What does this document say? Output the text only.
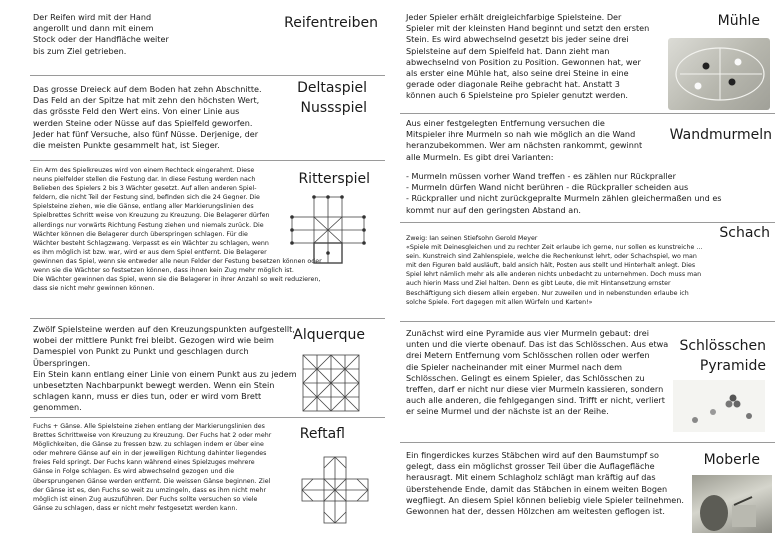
Der Reifen wird mit der Hand
angerollt und dann mit einem
Stock oder der Handfläche weiter
bis zum Ziel getrieben.
Reifentreiben
Das grosse Dreieck auf dem Boden hat zehn Abschnitte.
Das Feld an der Spitze hat mit zehn den höchsten Wert,
das grösste Feld den Wert eins. Von einer Linie aus
werden Steine oder Nüsse auf das Spielfeld geworfen.
Jeder hat fünf Versuche, also fünf Nüsse. Derjenige, der
die meisten Punkte gesammelt hat, ist Sieger.
Deltaspiel
Nussspiel
Ein Arm des Spielkreuzes wird von einem Rechteck eingerahmt. Diese
neuns pielfelder stellen die Festung dar. In diese Festung werden nach
Belieben des Spielers 2 bis 3 Wächter gesetzt. Auf allen anderen Spiel-
feldern, die nicht Teil der Festung sind, befinden sich die 24 Gegner. Die
Spielsteine ziehen, wie die Gänse, entlang aller Markierungslinien des
Spielbrettes Schritt weise von Kreuzung zu Kreuzung. Die Belagerer dürfen
allerdings nur vorwärts Richtung Festung ziehen und niemals zurück. Die
Wächter können die Belagerer durch überspringen schlagen. Für die
Wächter besteht Schlagzwang. Verpasst es ein Wächter zu schlagen, wenn
es ihm möglich ist bzw. war, wird er aus dem Spiel entfernt. Die Belagerer
gewinnen das Spiel, wenn sie entweder alle neun Felder der Festung besetzen können oder
wenn sie die Wächter so festsetzen können, dass ihnen kein Zug mehr möglich ist.
Die Wächter gewinnen das Spiel, wenn sie die Belagerer in ihrer Anzahl so weit reduzieren,
dass sie nicht mehr gewinnen können.
Ritterspiel
Zwölf Spielsteine werden auf den Kreuzungspunkten aufgestellt,
wobei der mittlere Punkt frei bleibt. Gezogen wird wie beim
Damespiel von Punkt zu Punkt und geschlagen durch Überspringen.
Ein Stein kann entlang einer Linie von einem Punkt aus zu jedem
unbesetzten Nachbarpunkt bewegt werden. Wenn ein Stein
schlagen kann, muss er dies tun, oder er wird vom Brett
genommen.
Alquerque
Fuchs + Gänse. Alle Spielsteine ziehen entlang der Markierungslinien des
Brettes Schrittweise von Kreuzung zu Kreuzung. Der Fuchs hat 2 oder mehr
Möglichkeiten, die Gänse zu fressen bzw. zu schlagen indem er über eine
oder mehrere Gänse auf ein in der jeweiligen Richtung dahinter liegendes
freies Feld springt. Der Fuchs kann während eines Spielzuges mehrere
Gänse in Folge schlagen. Es wird abwechselnd gezogen und die
übersprungenen Gänse werden entfernt. Die weissen Gänse beginnen. Ziel
der Gänse ist es, den Fuchs so weit zu umzingeln, dass es ihm nicht mehr
möglich ist einen Zug auszuführen. Der Fuchs sollte versuchen so viele
Gänse zu schlagen, dass er nicht mehr festgesetzt werden kann.
Reftafl
Jeder Spieler erhält dreigleichfarbige Spielsteine. Der
Spieler mit der kleinsten Hand beginnt und setzt den ersten
Stein. Es wird abwechselnd gesetzt bis jeder seine drei
Spielsteine auf dem Spielfeld hat. Dann zieht man
abwechselnd von Position zu Position. Gewonnen hat, wer
als erster eine Mühle hat, also seine drei Steine in eine
gerade oder diagonale Reihe gebracht hat. Anstatt 3
können auch 6 Spielsteine pro Spieler genutzt werden.
Mühle
Aus einer festgelegten Entfernung versuchen die
Mitspieler ihre Murmeln so nah wie möglich an die Wand
heranzubekommen. Wer am nächsten rankommt, gewinnt
alle Murmeln. Es gibt drei Varianten:
Wandmurmeln
- Murmeln müssen vorher Wand treffen - es zählen nur Rückpraller
- Murmeln dürfen Wand nicht berühren - die Rückpraller scheiden aus
- Rückpraller und nicht zurückgepralte Murmeln zählen gleichermaßen und es
kommt nur auf den geringsten Abstand an.
Schach
Zweig: Ian seinen Stiefsohn Gerold Meyer
«Spiele mit Deinesgleichen und zu rechter Zeit erlaube ich gerne, nur sollen es kunstreiche ...
sein. Kunstreich sind Zahlenspiele, welche die Rechenkunst lehrt, oder Schachspiel, wo man
mit den Figuren bald ausläuft, bald ansich hält, Posten aus stellt und Hinterhalt anlegt. Dies
Spiel lehrt nämlich mehr als alle anderen nichts unbedacht zu unternehmen. Doch muss man
auch hierin Mass und Ziel halten. Denn es gibt Leute, die mit Hintansetzung ernster
Beschäftigung sich diesem allein ergeben. Nur zuweilen und in nebenstunden erlaube ich
solche Spiele. Fort dagegen mit allen Würfeln und Karten!»
Zunächst wird eine Pyramide aus vier Murmeln gebaut: drei
unten und die vierte obenauf. Das ist das Schlösschen. Aus etwa
drei Metern Entfernung vom Schlösschen rollen oder werfen
die Spieler nacheinander mit einer Murmel nach dem
Schlösschen. Gelingt es einem Spieler, das Schlösschen zu
treffen, darf er nicht nur diese vier Murmeln kassieren, sondern
auch alle anderen, die fehlgegangen sind. Trifft er nicht, verliert
er seine Murmel und der nächste ist an der Reihe.
Schlösschen
Pyramide
Ein fingerdickes kurzes Stäbchen wird auf den Baumstumpf so
gelegt, dass ein möglichst grosser Teil über die Auflagefläche
herausragt. Mit einem Schlagholz schlägt man kräftig auf das
überstehende Ende, damit das Stäbchen in einem weiten Bogen
wegfliegt. An diesem Spiel können beliebig viele Spieler teilnehmen.
Gewonnen hat der, dessen Hölzchen am weitesten geflogen ist.
Moberle
